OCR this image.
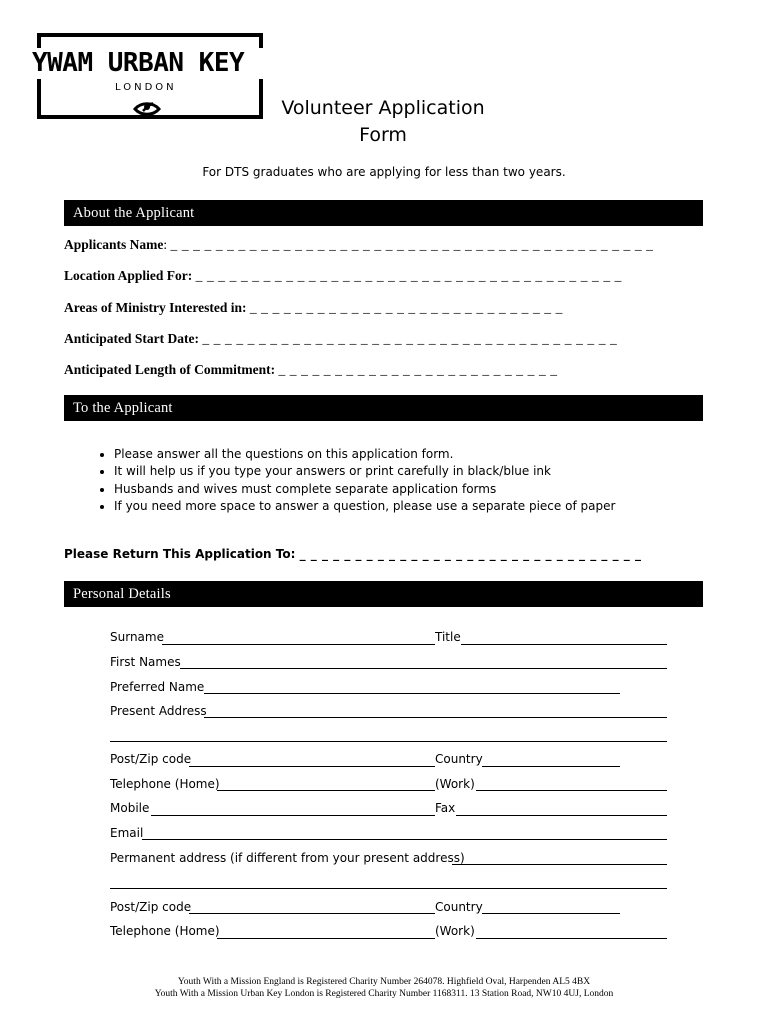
YWAM URBAN KEY
LONDON
Volunteer Application
Form
For DTS graduates who are applying for less than two years.
About the Applicant
Applicants Name: _ _ _ _ _ _ _ _ _ _ _ _ _ _ _ _ _ _ _ _ _ _ _ _ _ _ _ _ _ _ _ _ _ _ _ _ _ _ _ _ _ _ _
Location Applied For: _ _ _ _ _ _ _ _ _ _ _ _ _ _ _ _ _ _ _ _ _ _ _ _ _ _ _ _ _ _ _ _ _ _ _ _ _ _
Areas of Ministry Interested in: _ _ _ _ _ _ _ _ _ _ _ _ _ _ _ _ _ _ _ _ _ _ _ _ _ _ _ _
Anticipated Start Date: _ _ _ _ _ _ _ _ _ _ _ _ _ _ _ _ _ _ _ _ _ _ _ _ _ _ _ _ _ _ _ _ _ _ _ _ _
Anticipated Length of Commitment: _ _ _ _ _ _ _ _ _ _ _ _ _ _ _ _ _ _ _ _ _ _ _ _ _
To the Applicant
• Please answer all the questions on this application form.
• It will help us if you type your answers or print carefully in black/blue ink
• Husbands and wives must complete separate application forms
• If you need more space to answer a question, please use a separate piece of paper
Please Return This Application To: _ _ _ _ _ _ _ _ _ _ _ _ _ _ _ _ _ _ _ _ _ _ _ _ _ _ _ _ _ _ _
Personal Details
Surname	Title
First Names
Preferred Name
Present Address
Post/Zip code	Country
Telephone (Home)	(Work)
Mobile	Fax
Email
Permanent address (if different from your present address)
Post/Zip code	Country
Telephone (Home)	(Work)
Youth With a Mission England is Registered Charity Number 264078. Highfield Oval, Harpenden AL5 4BX
Youth With a Mission Urban Key London is Registered Charity Number 1168311. 13 Station Road, NW10 4UJ, London
